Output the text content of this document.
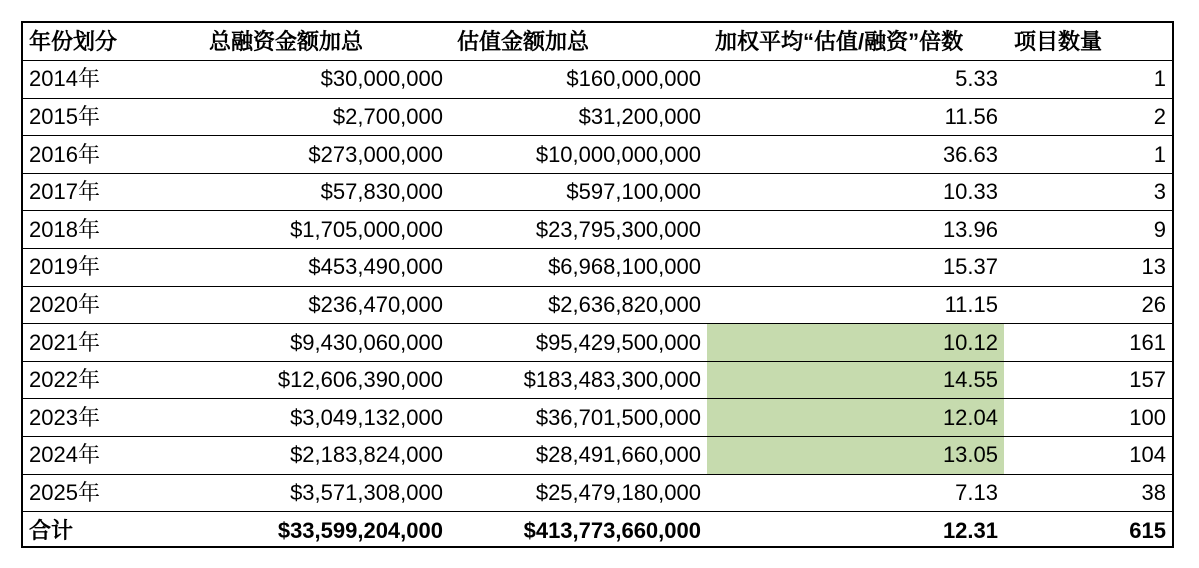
年份划分	总融资金额加总	估值金额加总	加权平均“估值/融资”倍数	项目数量
2014年	$30,000,000	$160,000,000	5.33	1
2015年	$2,700,000	$31,200,000	11.56	2
2016年	$273,000,000	$10,000,000,000	36.63	1
2017年	$57,830,000	$597,100,000	10.33	3
2018年	$1,705,000,000	$23,795,300,000	13.96	9
2019年	$453,490,000	$6,968,100,000	15.37	13
2020年	$236,470,000	$2,636,820,000	11.15	26
2021年	$9,430,060,000	$95,429,500,000	10.12	161
2022年	$12,606,390,000	$183,483,300,000	14.55	157
2023年	$3,049,132,000	$36,701,500,000	12.04	100
2024年	$2,183,824,000	$28,491,660,000	13.05	104
2025年	$3,571,308,000	$25,479,180,000	7.13	38
合计	$33,599,204,000	$413,773,660,000	12.31	615
